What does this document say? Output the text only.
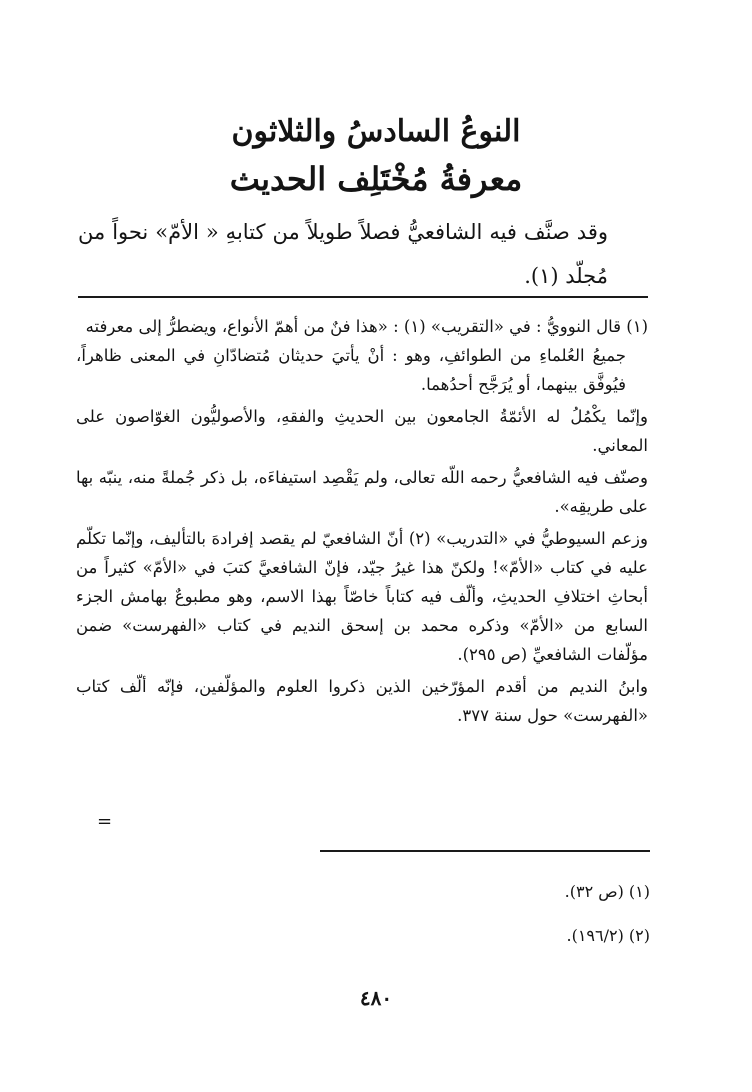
النوعُ السادسُ والثلاثون
معرفةُ مُخْتَلِف الحديث
وقد صنَّف فيه الشافعيُّ فصلاً طويلاً من كتابهِ « الأمّ» نحواً من مُجلّد (١).

(١) قال النوويُّ : في «التقريب» (١) : «هذا فنٌ من أهمّ الأنواع، ويضطرُّ إلى معرفته

جميعُ العُلماءِ من الطوائفِ، وهو : أنْ يأتيَ حديثان مُتضادّانِ في المعنى ظاهراً، فيُوفَّق بينهما، أو يُرَجَّح أحدُهما.

وإنّما يكْمُلُ له الأئمّةُ الجامعون بين الحديثِ والفقهِ، والأصوليُّون الغوّاصون على المعاني.

وصنّف فيه الشافعيُّ رحمه اللّه تعالى، ولم يَقْصِد استيفاءَه، بل ذكر جُملةً منه، ينبّه بها على طريقِه».

وزعم السيوطيُّ في «التدريب» (٢) أنّ الشافعيّ لم يقصد إفرادهَ بالتأليف، وإنّما تكلّم عليه في كتاب «الأمّ»! ولكنّ هذا غيرُ جيّد، فإنّ الشافعيَّ كتبَ في «الأمّ» كثيراً من أبحاثِ اختلافِ الحديثِ، وألّف فيه كتاباً خاصّاً بهذا الاسم، وهو مطبوعٌ بهامش الجزء السابع من «الأمّ» وذكره محمد بن إسحق النديم في كتاب «الفهرست» ضمن مؤلّفات الشافعيِّ (ص ٢٩٥).

وابنُ النديم من أقدم المؤرّخين الذين ذكروا العلوم والمؤلّفين، فإنّه ألّف كتاب «الفهرست» حول سنة ٣٧٧.

=
(١) (ص ٣٢).
(٢) (١٩٦/٢).
٤٨٠
